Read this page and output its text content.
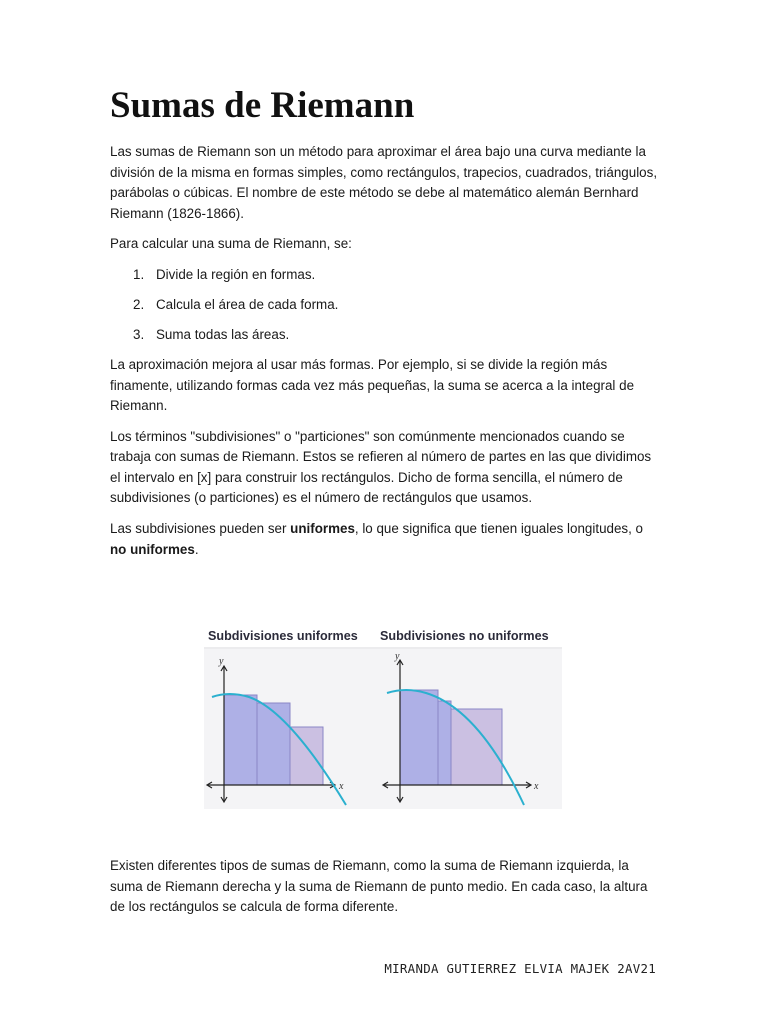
Sumas de Riemann

Las sumas de Riemann son un método para aproximar el área bajo una curva mediante la división de la misma en formas simples, como rectángulos, trapecios, cuadrados, triángulos, parábolas o cúbicas. El nombre de este método se debe al matemático alemán Bernhard Riemann (1826-1866).

Para calcular una suma de Riemann, se:

1. Divide la región en formas.
2. Calcula el área de cada forma.
3. Suma todas las áreas.

La aproximación mejora al usar más formas. Por ejemplo, si se divide la región más finamente, utilizando formas cada vez más pequeñas, la suma se acerca a la integral de Riemann.

Los términos "subdivisiones" o "particiones" son comúnmente mencionados cuando se trabaja con sumas de Riemann. Estos se refieren al número de partes en las que dividimos el intervalo en [x] para construir los rectángulos. Dicho de forma sencilla, el número de subdivisiones (o particiones) es el número de rectángulos que usamos.

Las subdivisiones pueden ser uniformes, lo que significa que tienen iguales longitudes, o no uniformes.

Subdivisiones uniformes Subdivisiones no uniformes
y
x
y
x

Existen diferentes tipos de sumas de Riemann, como la suma de Riemann izquierda, la suma de Riemann derecha y la suma de Riemann de punto medio. En cada caso, la altura de los rectángulos se calcula de forma diferente.

MIRANDA GUTIERREZ ELVIA MAJEK 2AV21
